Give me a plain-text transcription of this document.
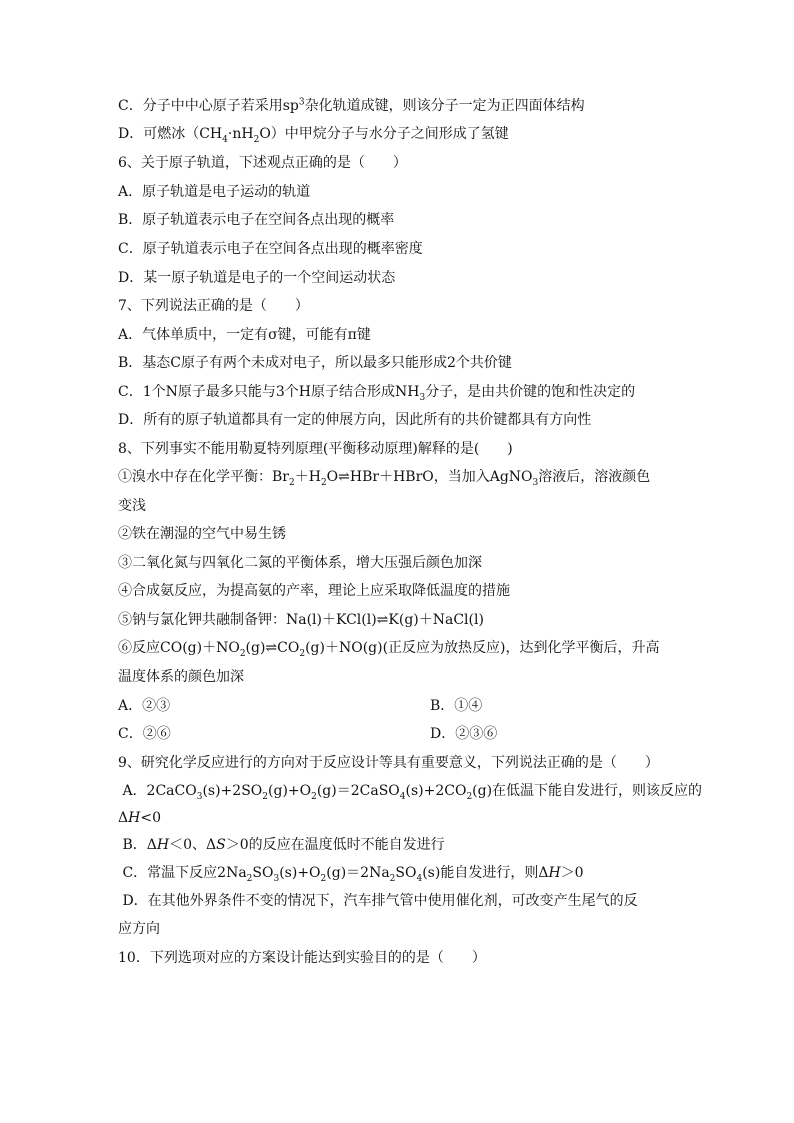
C．分子中中心原子若采用$sp^3$杂化轨道成键，则该分子一定为正四面体结构
D．可燃冰$(CH_4\cdot nH_2O)$中甲烷分子与水分子之间形成了氢键
6、关于原子轨道，下述观点正确的是（　　）
A．原子轨道是电子运动的轨道
B．原子轨道表示电子在空间各点出现的概率
C．原子轨道表示电子在空间各点出现的概率密度
D．某一原子轨道是电子的一个空间运动状态
7、下列说法正确的是（　　）
A．气体单质中，一定有σ键，可能有π键
B．基态C原子有两个未成对电子，所以最多只能形成2个共价键
C．1个N原子最多只能与3个H原子结合形成$NH_3$分子，是由共价键的饱和性决定的
D．所有的原子轨道都具有一定的伸展方向，因此所有的共价键都具有方向性
8、下列事实不能用勒夏特列原理(平衡移动原理)解释的是(　　)
①溴水中存在化学平衡：$Br_2+H_2O\rightleftharpoons HBr+HBrO$，当加入AgNO$_3$溶液后，溶液颜色
变浅
②铁在潮湿的空气中易生锈
③二氧化氮与四氧化二氮的平衡体系，增大压强后颜色加深
④合成氨反应，为提高氨的产率，理论上应采取降低温度的措施
⑤钠与氯化钾共融制备钾：Na(l)＋KCl(l)⇌K(g)＋NaCl(l)
⑥反应$CO(g)+NO_2(g)\rightleftharpoons CO_2(g)+NO(g)$(正反应为放热反应)，达到化学平衡后，升高
温度体系的颜色加深
9、研究化学反应进行的方向对于反应设计等具有重要意义，下列说法正确的是（　　）
A．$2CaCO_3(s)+2SO_2(g)+O_2(g)=2CaSO_4(s)+2CO_2(g)$在低温下能自发进行，则该反应的
ΔH<0
B．ΔH＜0、ΔS＞0的反应在温度低时不能自发进行
C．常温下反应$2Na_2SO_3(s)+O_2(g)=2Na_2SO_4(s)$能自发进行，则ΔH＞0
D．在其他外界条件不变的情况下，汽车排气管中使用催化剂，可改变产生尾气的反
应方向
10．下列选项对应的方案设计能达到实验目的的是（　　）
A．②③	B．①④
C．②⑥	D．②③⑥
